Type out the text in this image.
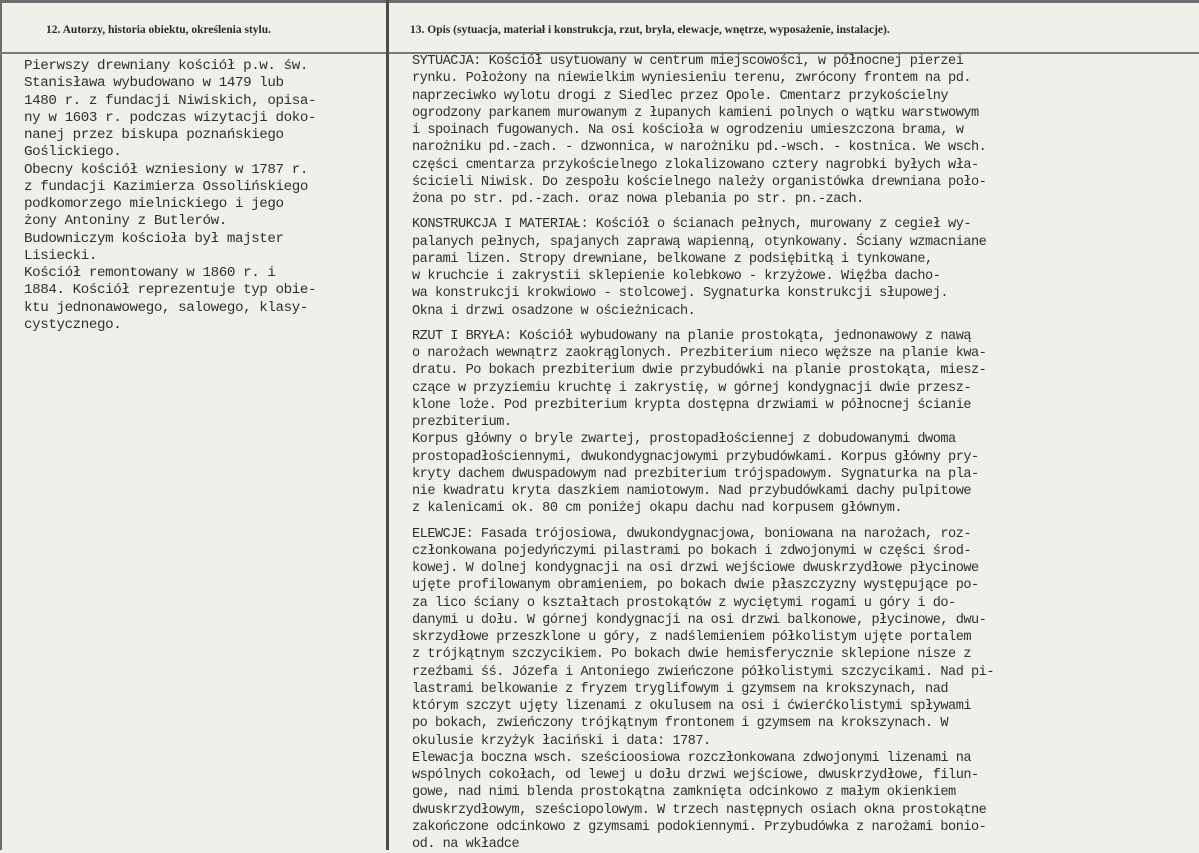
12. Autorzy, historia obiektu, określenia stylu.	13. Opis (sytuacja, materiał i konstrukcja, rzut, bryła, elewacje, wnętrze, wyposażenie, instalacje).
Pierwszy drewniany kościół p.w. św.
Stanisława wybudowano w 1479 lub
1480 r. z fundacji Niwiskich, opisa-
ny w 1603 r. podczas wizytacji doko-
nanej przez biskupa poznańskiego
Goślickiego.
Obecny kościół wzniesiony w 1787 r.
z fundacji Kazimierza Ossolińskiego
podkomorzego mielnickiego i jego
żony Antoniny z Butlerów.
Budowniczym kościoła był majster
Lisiecki.
Kościół remontowany w 1860 r. i
1884. Kościół reprezentuje typ obie-
ktu jednonawowego, salowego, klasy-
cystycznego.
SYTUACJA: Kościół usytuowany w centrum miejscowości, w północnej pierzei
rynku. Położony na niewielkim wyniesieniu terenu, zwrócony frontem na pd.
naprzeciwko wylotu drogi z Siedlec przez Opole. Cmentarz przykościelny
ogrodzony parkanem murowanym z łupanych kamieni polnych o wątku warstwowym
i spoinach fugowanych. Na osi kościoła w ogrodzeniu umieszczona brama, w
narożniku pd.-zach. - dzwonnica, w narożniku pd.-wsch. - kostnica. We wsch.
części cmentarza przykościelnego zlokalizowano cztery nagrobki byłych wła-
ścicieli Niwisk. Do zespołu kościelnego należy organistówka drewniana poło-
żona po str. pd.-zach. oraz nowa plebania po str. pn.-zach.
KONSTRUKCJA I MATERIAŁ: Kościół o ścianach pełnych, murowany z cegieł wy-
palanych pełnych, spajanych zaprawą wapienną, otynkowany. Ściany wzmacniane
parami lizen. Stropy drewniane, belkowane z podsiębitką i tynkowane,
w kruchcie i zakrystii sklepienie kolebkowo - krzyżowe. Więźba dacho-
wa konstrukcji krokwiowo - stolcowej. Sygnaturka konstrukcji słupowej.
Okna i drzwi osadzone w ościeżnicach.
RZUT I BRYŁA: Kościół wybudowany na planie prostokąta, jednonawowy z nawą
o narożach wewnątrz zaokrąglonych. Prezbiterium nieco węższe na planie kwa-
dratu. Po bokach prezbiterium dwie przybudówki na planie prostokąta, miesz-
czące w przyziemiu kruchtę i zakrystię, w górnej kondygnacji dwie przesz-
klone loże. Pod prezbiterium krypta dostępna drzwiami w północnej ścianie
prezbiterium.
Korpus główny o bryle zwartej, prostopadłościennej z dobudowanymi dwoma
prostopadłościennymi, dwukondygnacjowymi przybudówkami. Korpus główny pry-
kryty dachem dwuspadowym nad prezbiterium trójspadowym. Sygnaturka na pla-
nie kwadratu kryta daszkiem namiotowym. Nad przybudówkami dachy pulpitowe
z kalenicami ok. 80 cm poniżej okapu dachu nad korpusem głównym.
ELEWCJE: Fasada trójosiowa, dwukondygnacjowa, boniowana na narożach, roz-
członkowana pojedyńczymi pilastrami po bokach i zdwojonymi w części środ-
kowej. W dolnej kondygnacji na osi drzwi wejściowe dwuskrzydłowe płycinowe
ujęte profilowanym obramieniem, po bokach dwie płaszczyzny występujące po-
za lico ściany o kształtach prostokątów z wyciętymi rogami u góry i do-
danymi u dołu. W górnej kondygnacji na osi drzwi balkonowe, płycinowe, dwu-
skrzydłowe przeszklone u góry, z nadślemieniem półkolistym ujęte portalem
z trójkątnym szczycikiem. Po bokach dwie hemisferycznie sklepione nisze z
rzeźbami śś. Józefa i Antoniego zwieńczone półkolistymi szczycikami. Nad pi-
lastrami belkowanie z fryzem tryglifowym i gzymsem na krokszynach, nad
którym szczyt ujęty lizenami z okulusem na osi i ćwierćkolistymi spływami
po bokach, zwieńczony trójkątnym frontonem i gzymsem na krokszynach. W
okulusie krzyżyk łaciński i data: 1787.
Elewacja boczna wsch. sześcioosiowa rozczłonkowana zdwojonymi lizenami na
wspólnych cokołach, od lewej u dołu drzwi wejściowe, dwuskrzydłowe, filun-
gowe, nad nimi blenda prostokątna zamknięta odcinkowo z małym okienkiem
dwuskrzydłowym, sześciopolowym. W trzech następnych osiach okna prostokątne
zakończone odcinkowo z gzymsami podokiennymi. Przybudówka z narożami bonio-
od. na wkładce
